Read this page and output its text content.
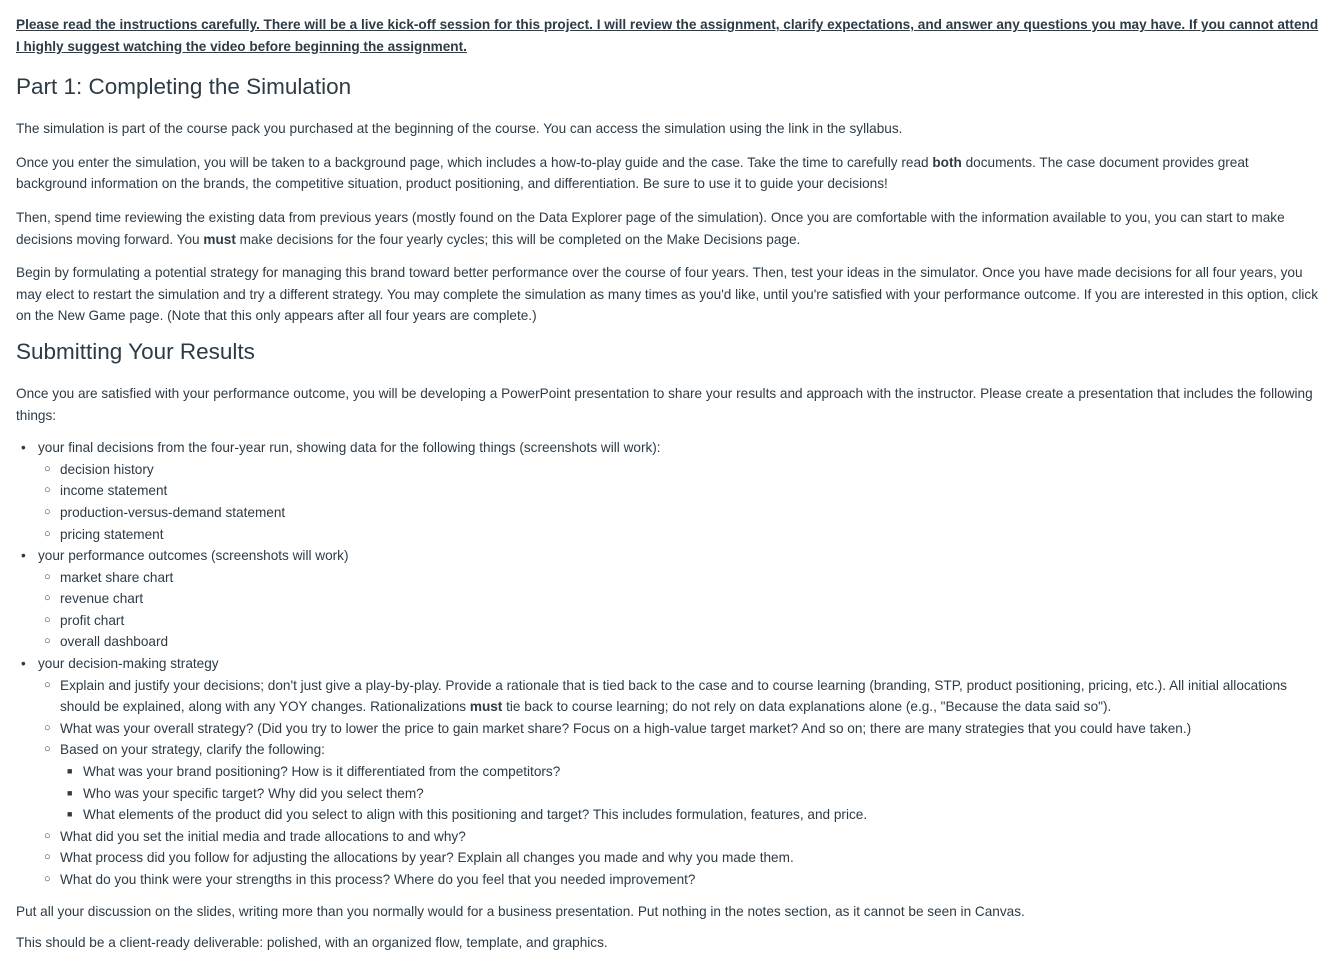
Please read the instructions carefully. There will be a live kick-off session for this project. I will review the assignment, clarify expectations, and answer any questions you may have. If you cannot attend I highly suggest watching the video before beginning the assignment.

Part 1: Completing the Simulation

The simulation is part of the course pack you purchased at the beginning of the course. You can access the simulation using the link in the syllabus.

Once you enter the simulation, you will be taken to a background page, which includes a how-to-play guide and the case. Take the time to carefully read both documents. The case document provides great background information on the brands, the competitive situation, product positioning, and differentiation. Be sure to use it to guide your decisions!

Then, spend time reviewing the existing data from previous years (mostly found on the Data Explorer page of the simulation). Once you are comfortable with the information available to you, you can start to make decisions moving forward. You must make decisions for the four yearly cycles; this will be completed on the Make Decisions page.

Begin by formulating a potential strategy for managing this brand toward better performance over the course of four years. Then, test your ideas in the simulator. Once you have made decisions for all four years, you may elect to restart the simulation and try a different strategy. You may complete the simulation as many times as you'd like, until you're satisfied with your performance outcome. If you are interested in this option, click on the New Game page. (Note that this only appears after all four years are complete.)

Submitting Your Results

Once you are satisfied with your performance outcome, you will be developing a PowerPoint presentation to share your results and approach with the instructor. Please create a presentation that includes the following things:

• your final decisions from the four-year run, showing data for the following things (screenshots will work):
○ decision history
○ income statement
○ production-versus-demand statement
○ pricing statement
• your performance outcomes (screenshots will work)
○ market share chart
○ revenue chart
○ profit chart
○ overall dashboard
• your decision-making strategy
○ Explain and justify your decisions; don't just give a play-by-play. Provide a rationale that is tied back to the case and to course learning (branding, STP, product positioning, pricing, etc.). All initial allocations should be explained, along with any YOY changes. Rationalizations must tie back to course learning; do not rely on data explanations alone (e.g., "Because the data said so").
○ What was your overall strategy? (Did you try to lower the price to gain market share? Focus on a high-value target market? And so on; there are many strategies that you could have taken.)
○ Based on your strategy, clarify the following:
■ What was your brand positioning? How is it differentiated from the competitors?
■ Who was your specific target? Why did you select them?
■ What elements of the product did you select to align with this positioning and target? This includes formulation, features, and price.
○ What did you set the initial media and trade allocations to and why?
○ What process did you follow for adjusting the allocations by year? Explain all changes you made and why you made them.
○ What do you think were your strengths in this process? Where do you feel that you needed improvement?

Put all your discussion on the slides, writing more than you normally would for a business presentation. Put nothing in the notes section, as it cannot be seen in Canvas.

This should be a client-ready deliverable: polished, with an organized flow, template, and graphics.
